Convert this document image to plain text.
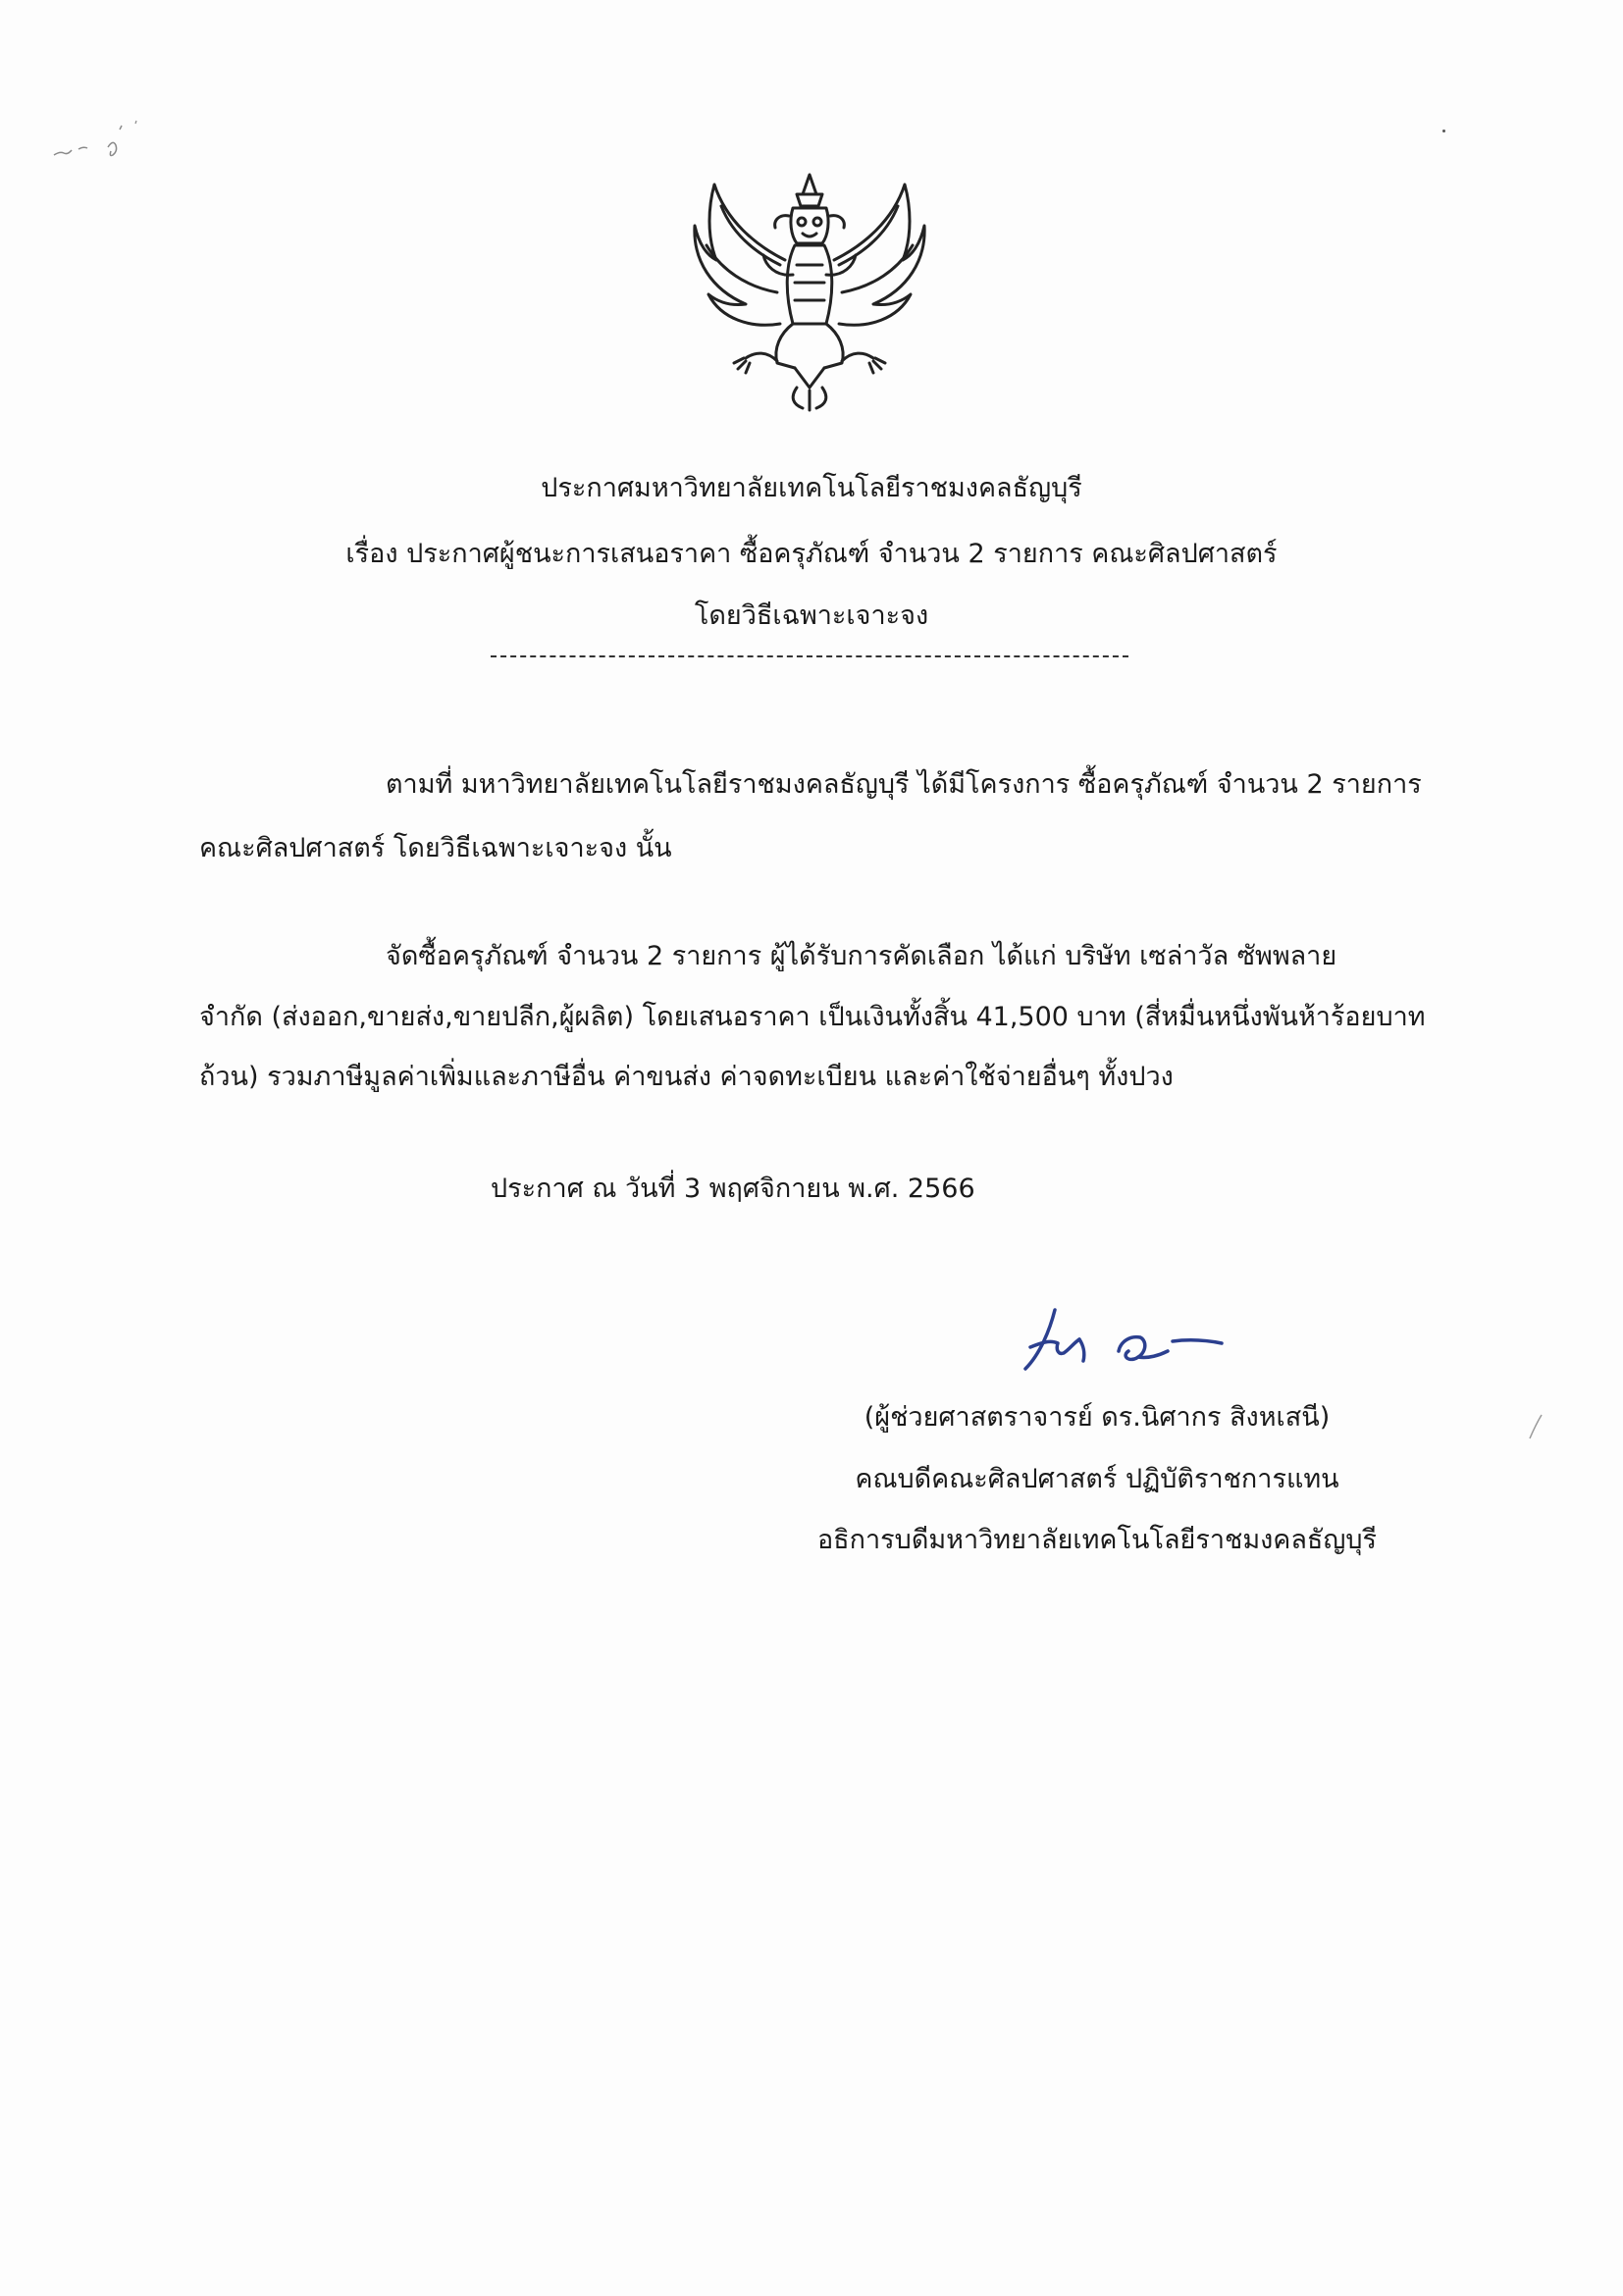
ประกาศมหาวิทยาลัยเทคโนโลยีราชมงคลธัญบุรี
เรื่อง ประกาศผู้ชนะการเสนอราคา ซื้อครุภัณฑ์ จำนวน 2 รายการ คณะศิลปศาสตร์
โดยวิธีเฉพาะเจาะจง
ตามที่ มหาวิทยาลัยเทคโนโลยีราชมงคลธัญบุรี ได้มีโครงการ ซื้อครุภัณฑ์ จำนวน 2 รายการ
คณะศิลปศาสตร์ โดยวิธีเฉพาะเจาะจง นั้น
จัดซื้อครุภัณฑ์ จำนวน 2 รายการ ผู้ได้รับการคัดเลือก ได้แก่ บริษัท เซล่าวัล ซัพพลาย
จำกัด (ส่งออก,ขายส่ง,ขายปลีก,ผู้ผลิต) โดยเสนอราคา เป็นเงินทั้งสิ้น 41,500 บาท (สี่หมื่นหนึ่งพันห้าร้อยบาท
ถ้วน) รวมภาษีมูลค่าเพิ่มและภาษีอื่น ค่าขนส่ง ค่าจดทะเบียน และค่าใช้จ่ายอื่นๆ ทั้งปวง
ประกาศ ณ วันที่ 3 พฤศจิกายน พ.ศ. 2566
(ผู้ช่วยศาสตราจารย์ ดร.นิศากร สิงหเสนี)
คณบดีคณะศิลปศาสตร์ ปฏิบัติราชการแทน
อธิการบดีมหาวิทยาลัยเทคโนโลยีราชมงคลธัญบุรี
